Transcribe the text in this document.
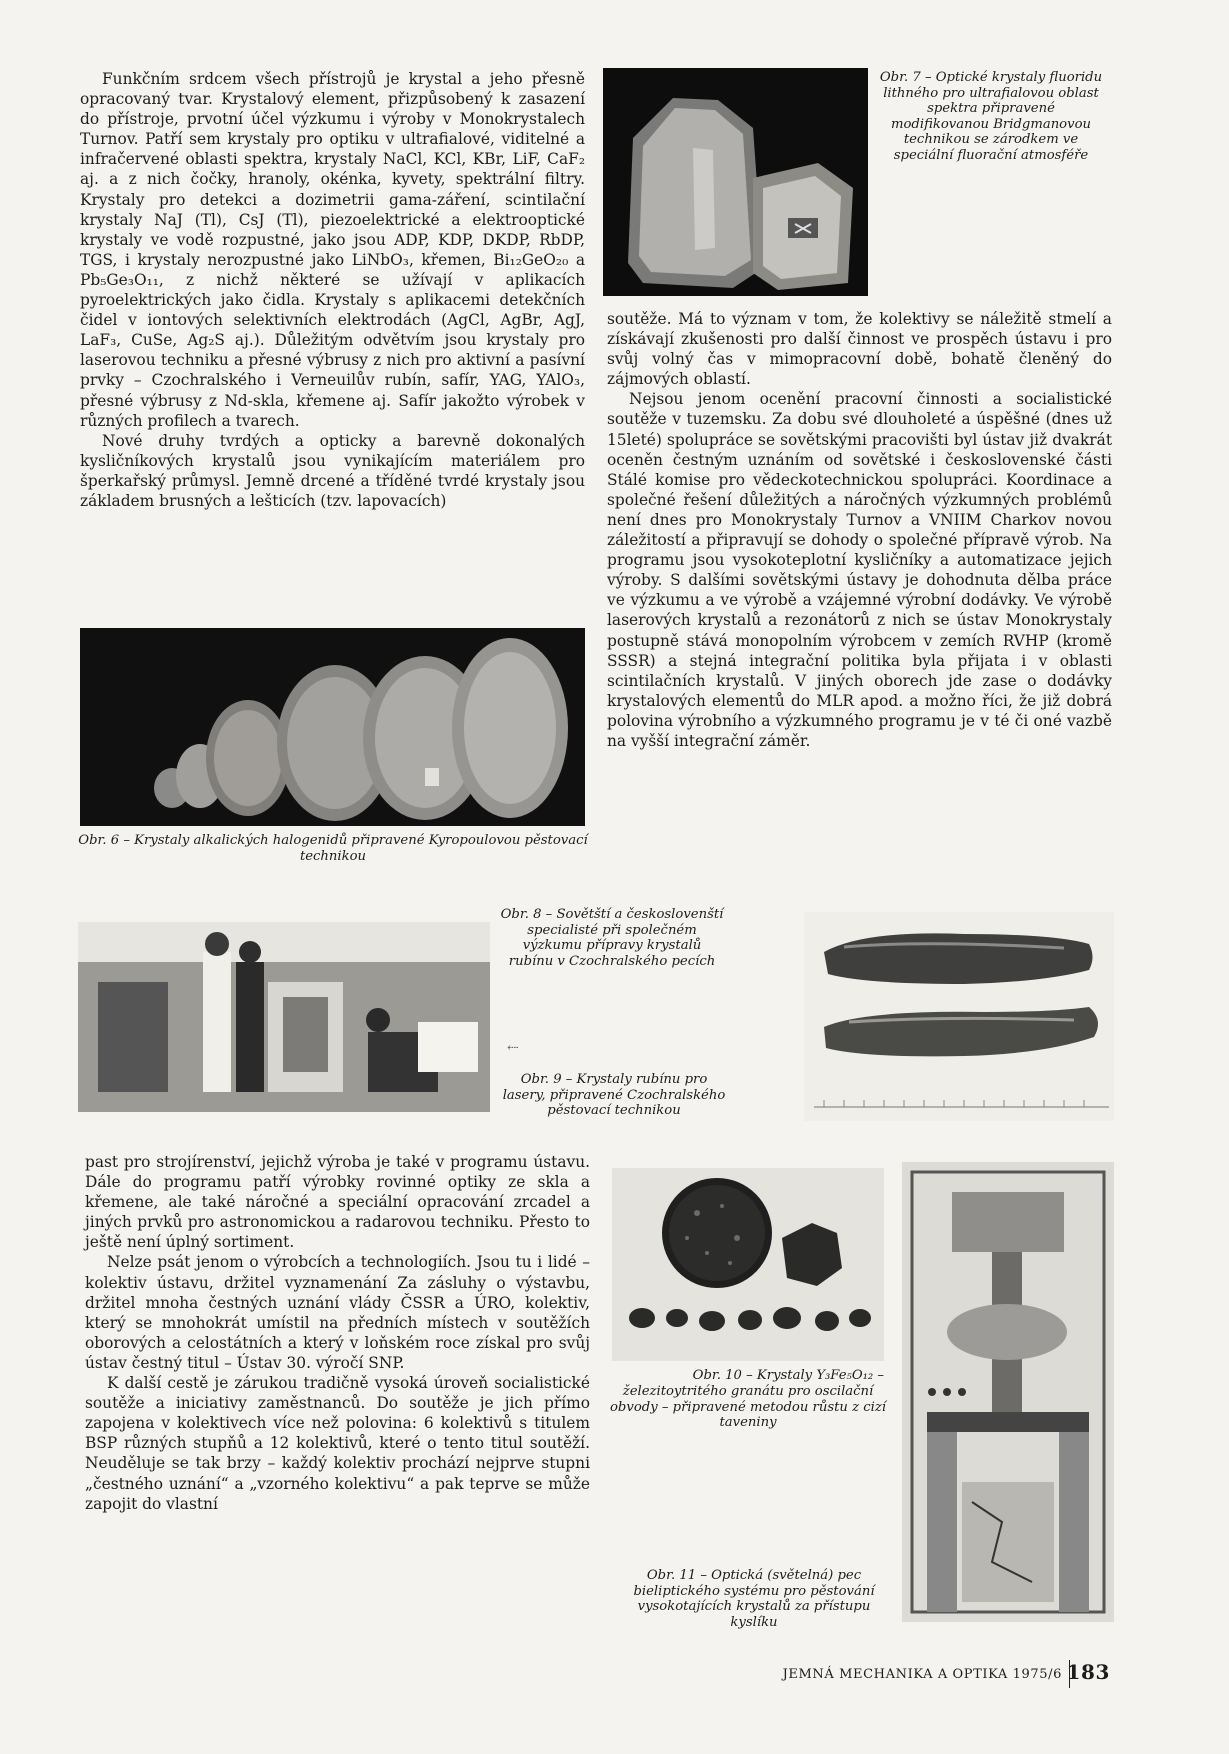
Funkčním srdcem všech přístrojů je krystal a jeho přesně opracovaný tvar. Krystalový element, přizpůsobený k zasazení do přístroje, prvotní účel výzkumu i výroby v Monokrystalech Turnov. Patří sem krystaly pro optiku v ultrafialové, viditelné a infračervené oblasti spektra, krystaly NaCl, KCl, KBr, LiF, CaF₂ aj. a z nich čočky, hranoly, okénka, kyvety, spektrální filtry. Krystaly pro detekci a dozimetrii gama-záření, scintilační krystaly NaJ (Tl), CsJ (Tl), piezoelektrické a elektrooptické krystaly ve vodě rozpustné, jako jsou ADP, KDP, DKDP, RbDP, TGS, i krystaly nerozpustné jako LiNbO₃, křemen, Bi₁₂GeO₂₀ a Pb₅Ge₃O₁₁, z nichž některé se užívají v aplikacích pyroelektrických jako čidla. Krystaly s aplikacemi detekčních čidel v iontových selektivních elektrodách (AgCl, AgBr, AgJ, LaF₃, CuSe, Ag₂S aj.). Důležitým odvětvím jsou krystaly pro laserovou techniku a přesné výbrusy z nich pro aktivní a pasívní prvky – Czochralského i Verneuilův rubín, safír, YAG, YAlO₃, přesné výbrusy z Nd-skla, křemene aj. Safír jakožto výrobek v různých profilech a tvarech.

Nové druhy tvrdých a opticky a barevně dokonalých kysličníkových krystalů jsou vynikajícím materiálem pro šperkařský průmysl. Jemně drcené a tříděné tvrdé krystaly jsou základem brusných a lešticích (tzv. lapovacích)

Obr. 7 – Optické krystaly fluoridu lithného pro ultrafialovou oblast spektra připravené modifikovanou Bridgmanovou technikou se zárodkem ve speciální fluorační atmosféře

soutěže. Má to význam v tom, že kolektivy se náležitě stmelí a získávají zkušenosti pro další činnost ve prospěch ústavu i pro svůj volný čas v mimopracovní době, bohatě členěný do zájmových oblastí.

Nejsou jenom ocenění pracovní činnosti a socialistické soutěže v tuzemsku. Za dobu své dlouholeté a úspěšné (dnes už 15leté) spolupráce se sovětskými pracovišti byl ústav již dvakrát oceněn čestným uznáním od sovětské i československé části Stálé komise pro vědeckotechnickou spolupráci. Koordinace a společné řešení důležitých a náročných výzkumných problémů není dnes pro Monokrystaly Turnov a VNIIM Charkov novou záležitostí a připravují se dohody o společné přípravě výrob. Na programu jsou vysokoteplotní kysličníky a automatizace jejich výroby. S dalšími sovětskými ústavy je dohodnuta dělba práce ve výzkumu a ve výrobě a vzájemné výrobní dodávky. Ve výrobě laserových krystalů a rezonátorů z nich se ústav Monokrystaly postupně stává monopolním výrobcem v zemích RVHP (kromě SSSR) a stejná integrační politika byla přijata i v oblasti scintilačních krystalů. V jiných oborech jde zase o dodávky krystalových elementů do MLR apod. a možno říci, že již dobrá polovina výrobního a výzkumného programu je v té či oné vazbě na vyšší integrační záměr.

Obr. 6 – Krystaly alkalických halogenidů připravené Kyropoulovou pěstovací technikou
Obr. 8 – Sovětští a českoslovenští specialisté při společném výzkumu přípravy krystalů rubínu v Czochralského pecích
⇠
Obr. 9 – Krystaly rubínu pro lasery, připravené Czochralského pěstovací technikou

past pro strojírenství, jejichž výroba je také v programu ústavu. Dále do programu patří výrobky rovinné optiky ze skla a křemene, ale také náročné a speciální opracování zrcadel a jiných prvků pro astronomickou a radarovou techniku. Přesto to ještě není úplný sortiment.

Nelze psát jenom o výrobcích a technologiích. Jsou tu i lidé – kolektiv ústavu, držitel vyznamenání Za zásluhy o výstavbu, držitel mnoha čestných uznání vlády ČSSR a ÚRO, kolektiv, který se mnohokrát umístil na předních místech v soutěžích oborových a celostátních a který v loňském roce získal pro svůj ústav čestný titul – Ústav 30. výročí SNP.

K další cestě je zárukou tradičně vysoká úroveň socialistické soutěže a iniciativy zaměstnanců. Do soutěže je jich přímo zapojena v kolektivech více než polovina: 6 kolektivů s titulem BSP různých stupňů a 12 kolektivů, které o tento titul soutěží. Neuděluje se tak brzy – každý kolektiv prochází nejprve stupni „čestného uznání“ a „vzorného kolektivu“ a pak teprve se může zapojit do vlastní

Obr. 10 – Krystaly Y₃Fe₅O₁₂ –
železitoytritého granátu pro oscilační obvody – připravené metodou růstu z cizí taveniny
Obr. 11 – Optická (světelná) pec bieliptického systému pro pěstování vysokotajících krystalů za přístupu kyslíku
JEMNÁ MECHANIKA A OPTIKA 1975/6 183
